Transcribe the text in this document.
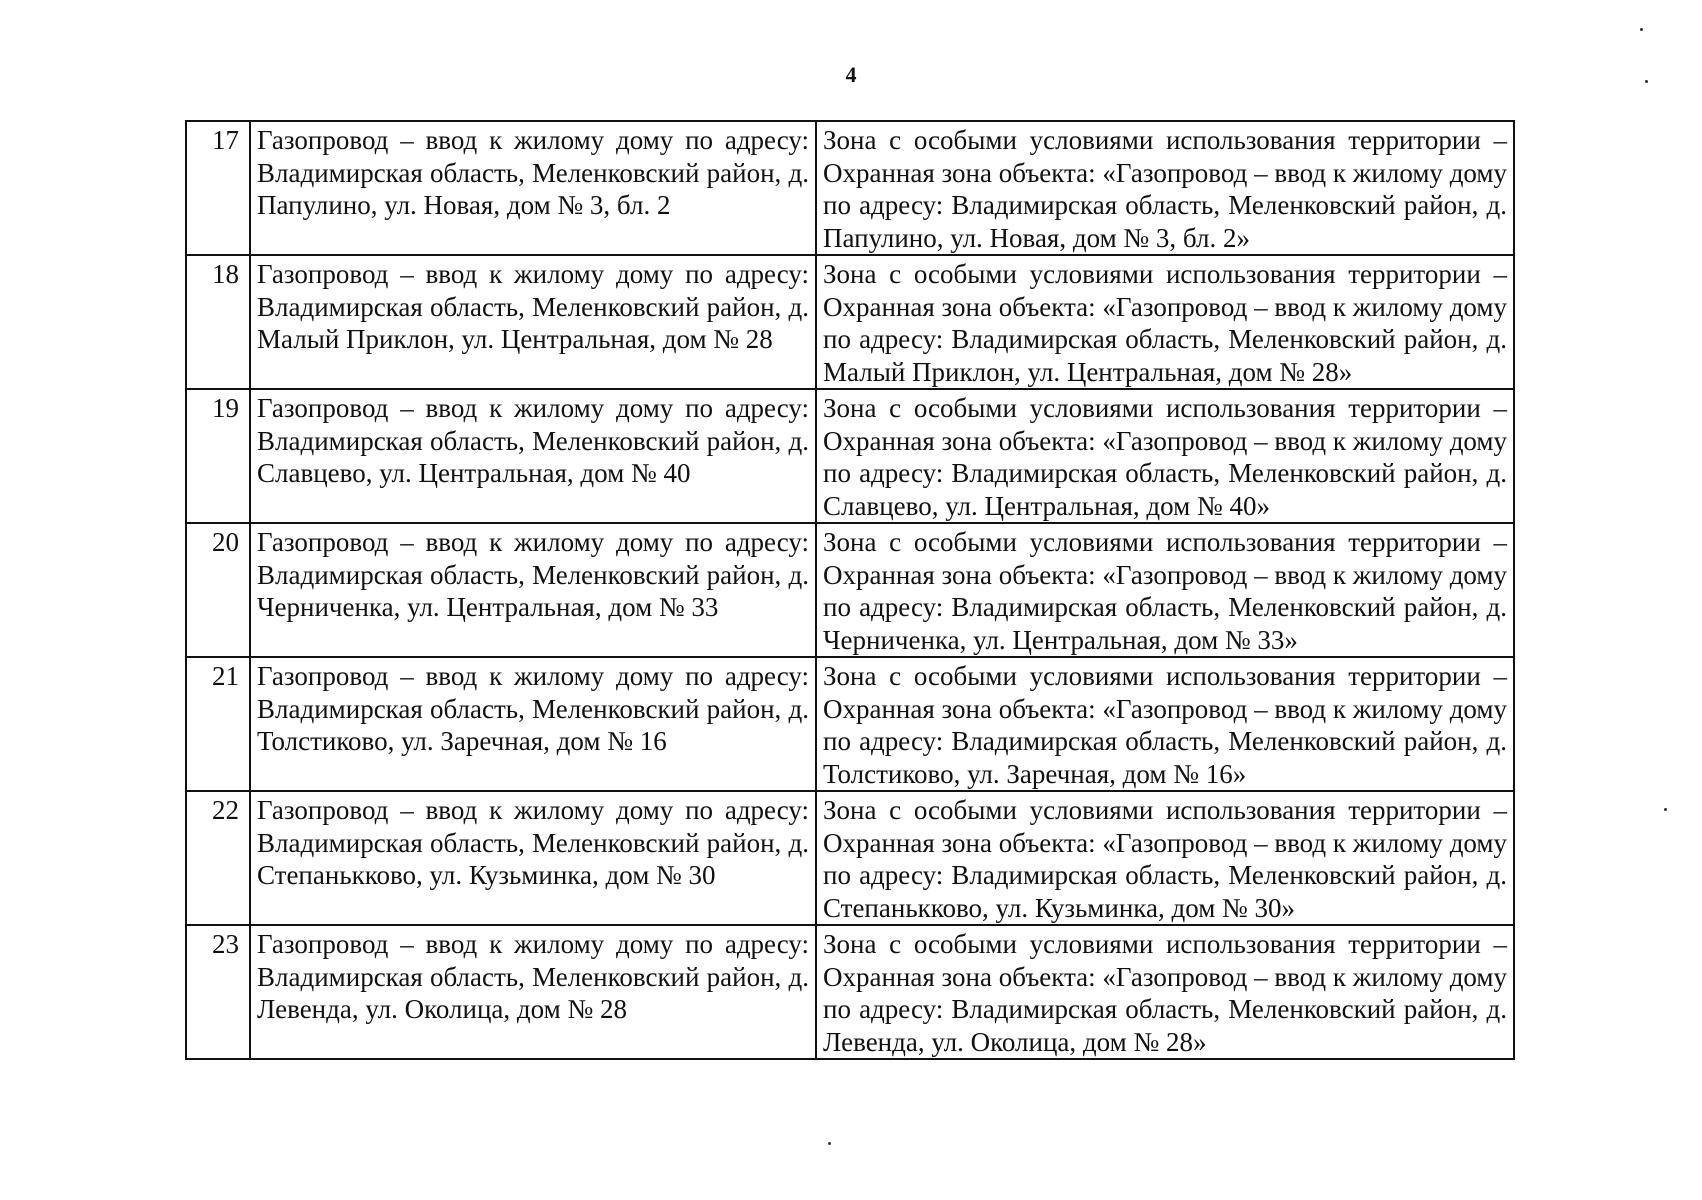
4
17	Газопровод – ввод к жилому дому по адресу: Владимирская область, Меленковский район, д. Папулино, ул. Новая, дом № 3, бл. 2	Зона с особыми условиями использования территории – Охранная зона объекта: «Газопровод – ввод к жилому дому по адресу: Владимирская область, Меленковский район, д. Папулино, ул. Новая, дом № 3, бл. 2»
18	Газопровод – ввод к жилому дому по адресу: Владимирская область, Меленковский район, д. Малый Приклон, ул. Центральная, дом № 28	Зона с особыми условиями использования территории – Охранная зона объекта: «Газопровод – ввод к жилому дому по адресу: Владимирская область, Меленковский район, д. Малый Приклон, ул. Центральная, дом № 28»
19	Газопровод – ввод к жилому дому по адресу: Владимирская область, Меленковский район, д. Славцево, ул. Центральная, дом № 40	Зона с особыми условиями использования территории – Охранная зона объекта: «Газопровод – ввод к жилому дому по адресу: Владимирская область, Меленковский район, д. Славцево, ул. Центральная, дом № 40»
20	Газопровод – ввод к жилому дому по адресу: Владимирская область, Меленковский район, д. Черниченка, ул. Центральная, дом № 33	Зона с особыми условиями использования территории – Охранная зона объекта: «Газопровод – ввод к жилому дому по адресу: Владимирская область, Меленковский район, д. Черниченка, ул. Центральная, дом № 33»
21	Газопровод – ввод к жилому дому по адресу: Владимирская область, Меленковский район, д. Толстиково, ул. Заречная, дом № 16	Зона с особыми условиями использования территории – Охранная зона объекта: «Газопровод – ввод к жилому дому по адресу: Владимирская область, Меленковский район, д. Толстиково, ул. Заречная, дом № 16»
22	Газопровод – ввод к жилому дому по адресу: Владимирская область, Меленковский район, д. Степанькково, ул. Кузьминка, дом № 30	Зона с особыми условиями использования территории – Охранная зона объекта: «Газопровод – ввод к жилому дому по адресу: Владимирская область, Меленковский район, д. Степанькково, ул. Кузьминка, дом № 30»
23	Газопровод – ввод к жилому дому по адресу: Владимирская область, Меленковский район, д. Левенда, ул. Околица, дом № 28	Зона с особыми условиями использования территории – Охранная зона объекта: «Газопровод – ввод к жилому дому по адресу: Владимирская область, Меленковский район, д. Левенда, ул. Околица, дом № 28»
